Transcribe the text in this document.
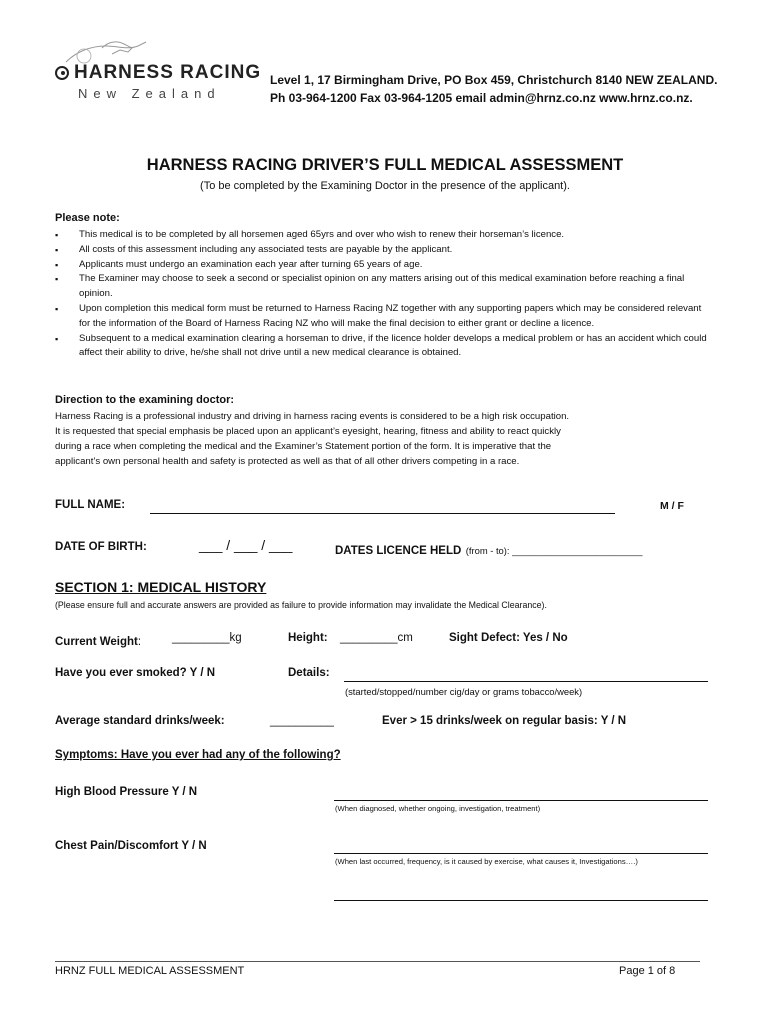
HARNESS RACING
New Zealand
Level 1, 17 Birmingham Drive, PO Box 459, Christchurch 8140 NEW ZEALAND.
Ph 03-964-1200 Fax 03-964-1205 email admin@hrnz.co.nz www.hrnz.co.nz.
HARNESS RACING DRIVER’S FULL MEDICAL ASSESSMENT
(To be completed by the Examining Doctor in the presence of the applicant).
Please note:
▪ This medical is to be completed by all horsemen aged 65yrs and over who wish to renew their horseman’s licence.
▪ All costs of this assessment including any associated tests are payable by the applicant.
▪ Applicants must undergo an examination each year after turning 65 years of age.
▪ The Examiner may choose to seek a second or specialist opinion on any matters arising out of this medical examination before reaching a final opinion.
▪ Upon completion this medical form must be returned to Harness Racing NZ together with any supporting papers which may be considered relevant for the information of the Board of Harness Racing NZ who will make the final decision to either grant or decline a licence.
▪ Subsequent to a medical examination clearing a horseman to drive, if the licence holder develops a medical problem or has an accident which could affect their ability to drive, he/she shall not drive until a new medical clearance is obtained.
Direction to the examining doctor:
Harness Racing is a professional industry and driving in harness racing events is considered to be a high risk occupation.
It is requested that special emphasis be placed upon an applicant’s eyesight, hearing, fitness and ability to react quickly
during a race when completing the medical and the Examiner’s Statement portion of the form. It is imperative that the
applicant’s own personal health and safety is protected as well as that of all other drivers competing in a race.
FULL NAME:	M / F
DATE OF BIRTH:	___ / ___ / ___	DATES LICENCE HELD (from - to): _________________________
SECTION 1: MEDICAL HISTORY
(Please ensure full and accurate answers are provided as failure to provide information may invalidate the Medical Clearance).
Current Weight:	_________kg	Height: _________cm	Sight Defect: Yes / No
Have you ever smoked? Y / N	Details:
(started/stopped/number cig/day or grams tobacco/week)
Average standard drinks/week:	__________	Ever > 15 drinks/week on regular basis: Y / N
Symptoms: Have you ever had any of the following?
High Blood Pressure Y / N
(When diagnosed, whether ongoing, investigation, treatment)
Chest Pain/Discomfort Y / N
(When last occurred, frequency, is it caused by exercise, what causes it, Investigations….)
HRNZ FULL MEDICAL ASSESSMENT	Page 1 of 8
